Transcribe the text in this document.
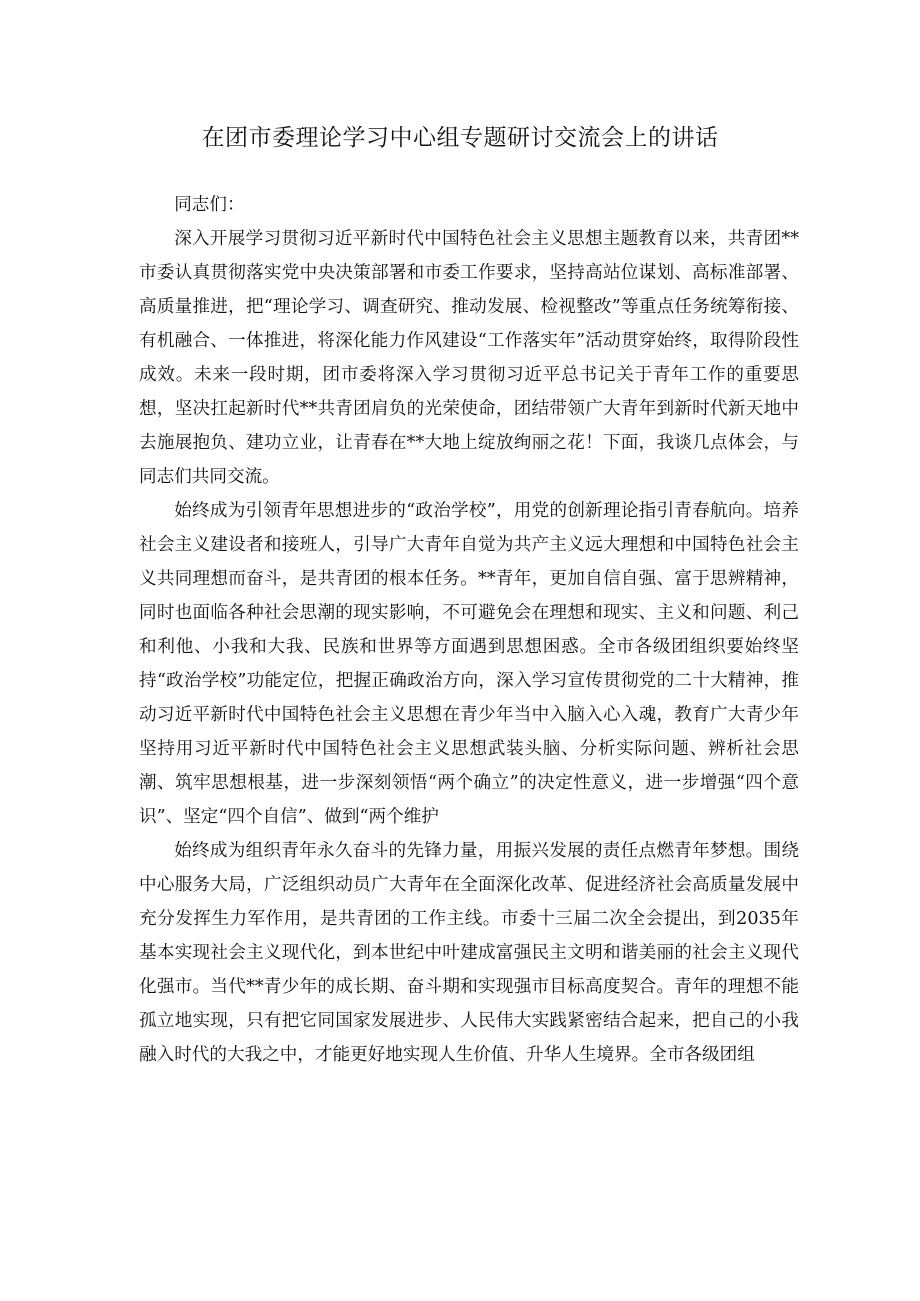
在团市委理论学习中心组专题研讨交流会上的讲话

同志们：

深入开展学习贯彻习近平新时代中国特色社会主义思想主题教育以来，共青团**市委认真贯彻落实党中央决策部署和市委工作要求，坚持高站位谋划、高标准部署、高质量推进，把“理论学习、调查研究、推动发展、检视整改”等重点任务统筹衔接、有机融合、一体推进，将深化能力作风建设“工作落实年”活动贯穿始终，取得阶段性成效。未来一段时期，团市委将深入学习贯彻习近平总书记关于青年工作的重要思想，坚决扛起新时代**共青团肩负的光荣使命，团结带领广大青年到新时代新天地中去施展抱负、建功立业，让青春在**大地上绽放绚丽之花！下面，我谈几点体会，与同志们共同交流。

始终成为引领青年思想进步的“政治学校”，用党的创新理论指引青春航向。培养社会主义建设者和接班人，引导广大青年自觉为共产主义远大理想和中国特色社会主义共同理想而奋斗，是共青团的根本任务。**青年，更加自信自强、富于思辨精神，同时也面临各种社会思潮的现实影响，不可避免会在理想和现实、主义和问题、利己和利他、小我和大我、民族和世界等方面遇到思想困惑。全市各级团组织要始终坚持“政治学校”功能定位，把握正确政治方向，深入学习宣传贯彻党的二十大精神，推动习近平新时代中国特色社会主义思想在青少年当中入脑入心入魂，教育广大青少年坚持用习近平新时代中国特色社会主义思想武装头脑、分析实际问题、辨析社会思潮、筑牢思想根基，进一步深刻领悟“两个确立”的决定性意义，进一步增强“四个意识”、坚定“四个自信”、做到“两个维护

始终成为组织青年永久奋斗的先锋力量，用振兴发展的责任点燃青年梦想。围绕中心服务大局，广泛组织动员广大青年在全面深化改革、促进经济社会高质量发展中充分发挥生力军作用，是共青团的工作主线。市委十三届二次全会提出，到2035年基本实现社会主义现代化，到本世纪中叶建成富强民主文明和谐美丽的社会主义现代化强市。当代**青少年的成长期、奋斗期和实现强市目标高度契合。青年的理想不能孤立地实现，只有把它同国家发展进步、人民伟大实践紧密结合起来，把自己的小我融入时代的大我之中，才能更好地实现人生价值、升华人生境界。全市各级团组
